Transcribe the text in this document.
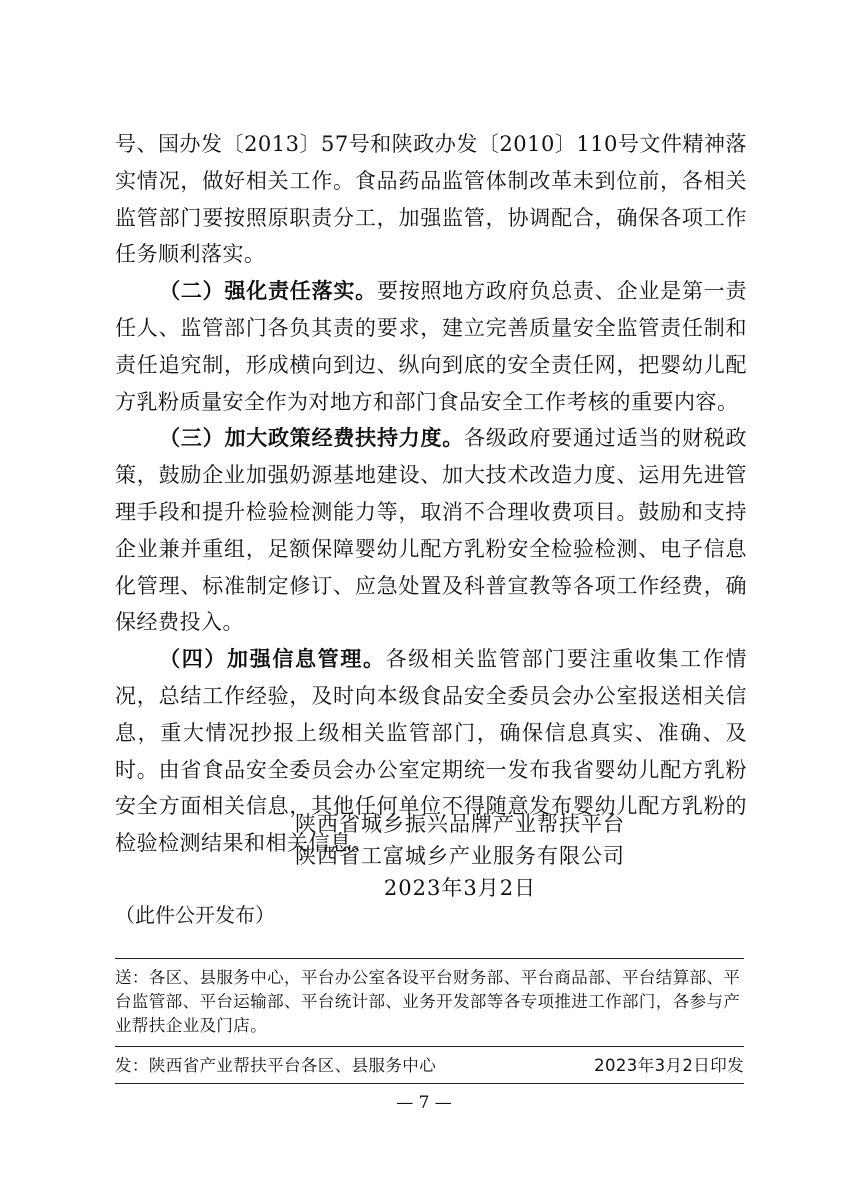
号、国办发〔2013〕57号和陕政办发〔2010〕110号文件精神落实情况，做好相关工作。食品药品监管体制改革未到位前，各相关监管部门要按照原职责分工，加强监管，协调配合，确保各项工作任务顺利落实。

（二）强化责任落实。要按照地方政府负总责、企业是第一责任人、监管部门各负其责的要求，建立完善质量安全监管责任制和责任追究制，形成横向到边、纵向到底的安全责任网，把婴幼儿配方乳粉质量安全作为对地方和部门食品安全工作考核的重要内容。

（三）加大政策经费扶持力度。各级政府要通过适当的财税政策，鼓励企业加强奶源基地建设、加大技术改造力度、运用先进管理手段和提升检验检测能力等，取消不合理收费项目。鼓励和支持企业兼并重组，足额保障婴幼儿配方乳粉安全检验检测、电子信息化管理、标准制定修订、应急处置及科普宣教等各项工作经费，确保经费投入。

（四）加强信息管理。各级相关监管部门要注重收集工作情况，总结工作经验，及时向本级食品安全委员会办公室报送相关信息，重大情况抄报上级相关监管部门，确保信息真实、准确、及时。由省食品安全委员会办公室定期统一发布我省婴幼儿配方乳粉安全方面相关信息，其他任何单位不得随意发布婴幼儿配方乳粉的检验检测结果和相关信息。

陕西省城乡振兴品牌产业帮扶平台
陕西省工富城乡产业服务有限公司
2023年3月2日
（此件公开发布）
送：各区、县服务中心，平台办公室各设平台财务部、平台商品部、平台结算部、平台监管部、平台运输部、平台统计部、业务开发部等各专项推进工作部门，各参与产业帮扶企业及门店。
发：陕西省产业帮扶平台各区、县服务中心	2023年3月2日印发
— 7 —
